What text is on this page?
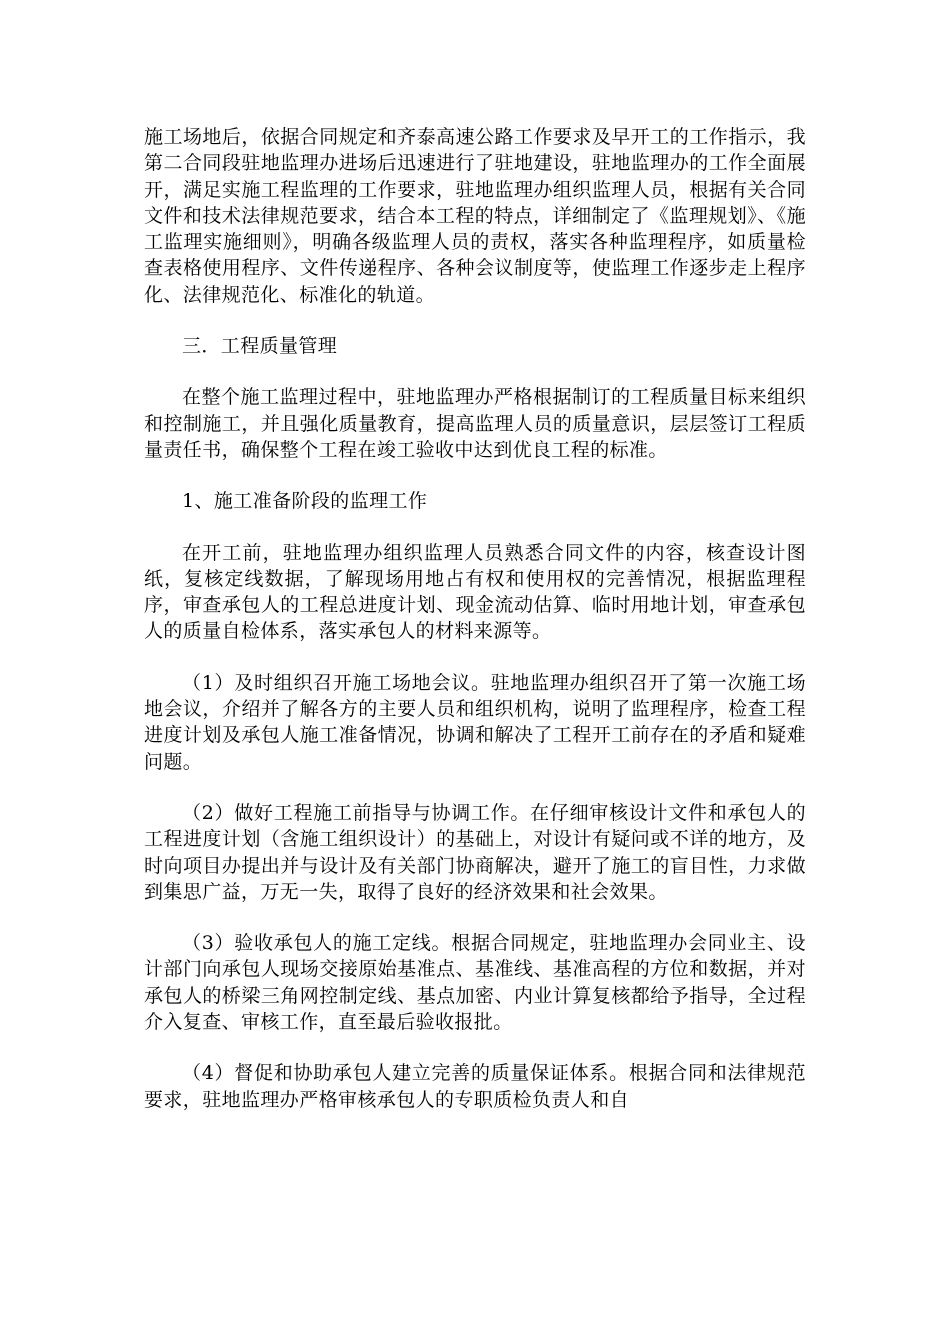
施工场地后，依据合同规定和齐泰高速公路工作要求及早开工的工作指示，我第二合同段驻地监理办进场后迅速进行了驻地建设，驻地监理办的工作全面展开，满足实施工程监理的工作要求，驻地监理办组织监理人员，根据有关合同文件和技术法律规范要求，结合本工程的特点，详细制定了《监理规划》、《施工监理实施细则》，明确各级监理人员的责权，落实各种监理程序，如质量检查表格使用程序、文件传递程序、各种会议制度等，使监理工作逐步走上程序化、法律规范化、标准化的轨道。

三．工程质量管理

在整个施工监理过程中，驻地监理办严格根据制订的工程质量目标来组织和控制施工，并且强化质量教育，提高监理人员的质量意识，层层签订工程质量责任书，确保整个工程在竣工验收中达到优良工程的标准。

1、施工准备阶段的监理工作

在开工前，驻地监理办组织监理人员熟悉合同文件的内容，核查设计图纸，复核定线数据，了解现场用地占有权和使用权的完善情况，根据监理程序，审查承包人的工程总进度计划、现金流动估算、临时用地计划，审查承包人的质量自检体系，落实承包人的材料来源等。

（1）及时组织召开施工场地会议。驻地监理办组织召开了第一次施工场地会议，介绍并了解各方的主要人员和组织机构，说明了监理程序，检查工程进度计划及承包人施工准备情况，协调和解决了工程开工前存在的矛盾和疑难问题。

（2）做好工程施工前指导与协调工作。在仔细审核设计文件和承包人的工程进度计划（含施工组织设计）的基础上，对设计有疑问或不详的地方，及时向项目办提出并与设计及有关部门协商解决，避开了施工的盲目性，力求做到集思广益，万无一失，取得了良好的经济效果和社会效果。

（3）验收承包人的施工定线。根据合同规定，驻地监理办会同业主、设计部门向承包人现场交接原始基准点、基准线、基准高程的方位和数据，并对承包人的桥梁三角网控制定线、基点加密、内业计算复核都给予指导，全过程介入复查、审核工作，直至最后验收报批。

（4）督促和协助承包人建立完善的质量保证体系。根据合同和法律规范要求，驻地监理办严格审核承包人的专职质检负责人和自
